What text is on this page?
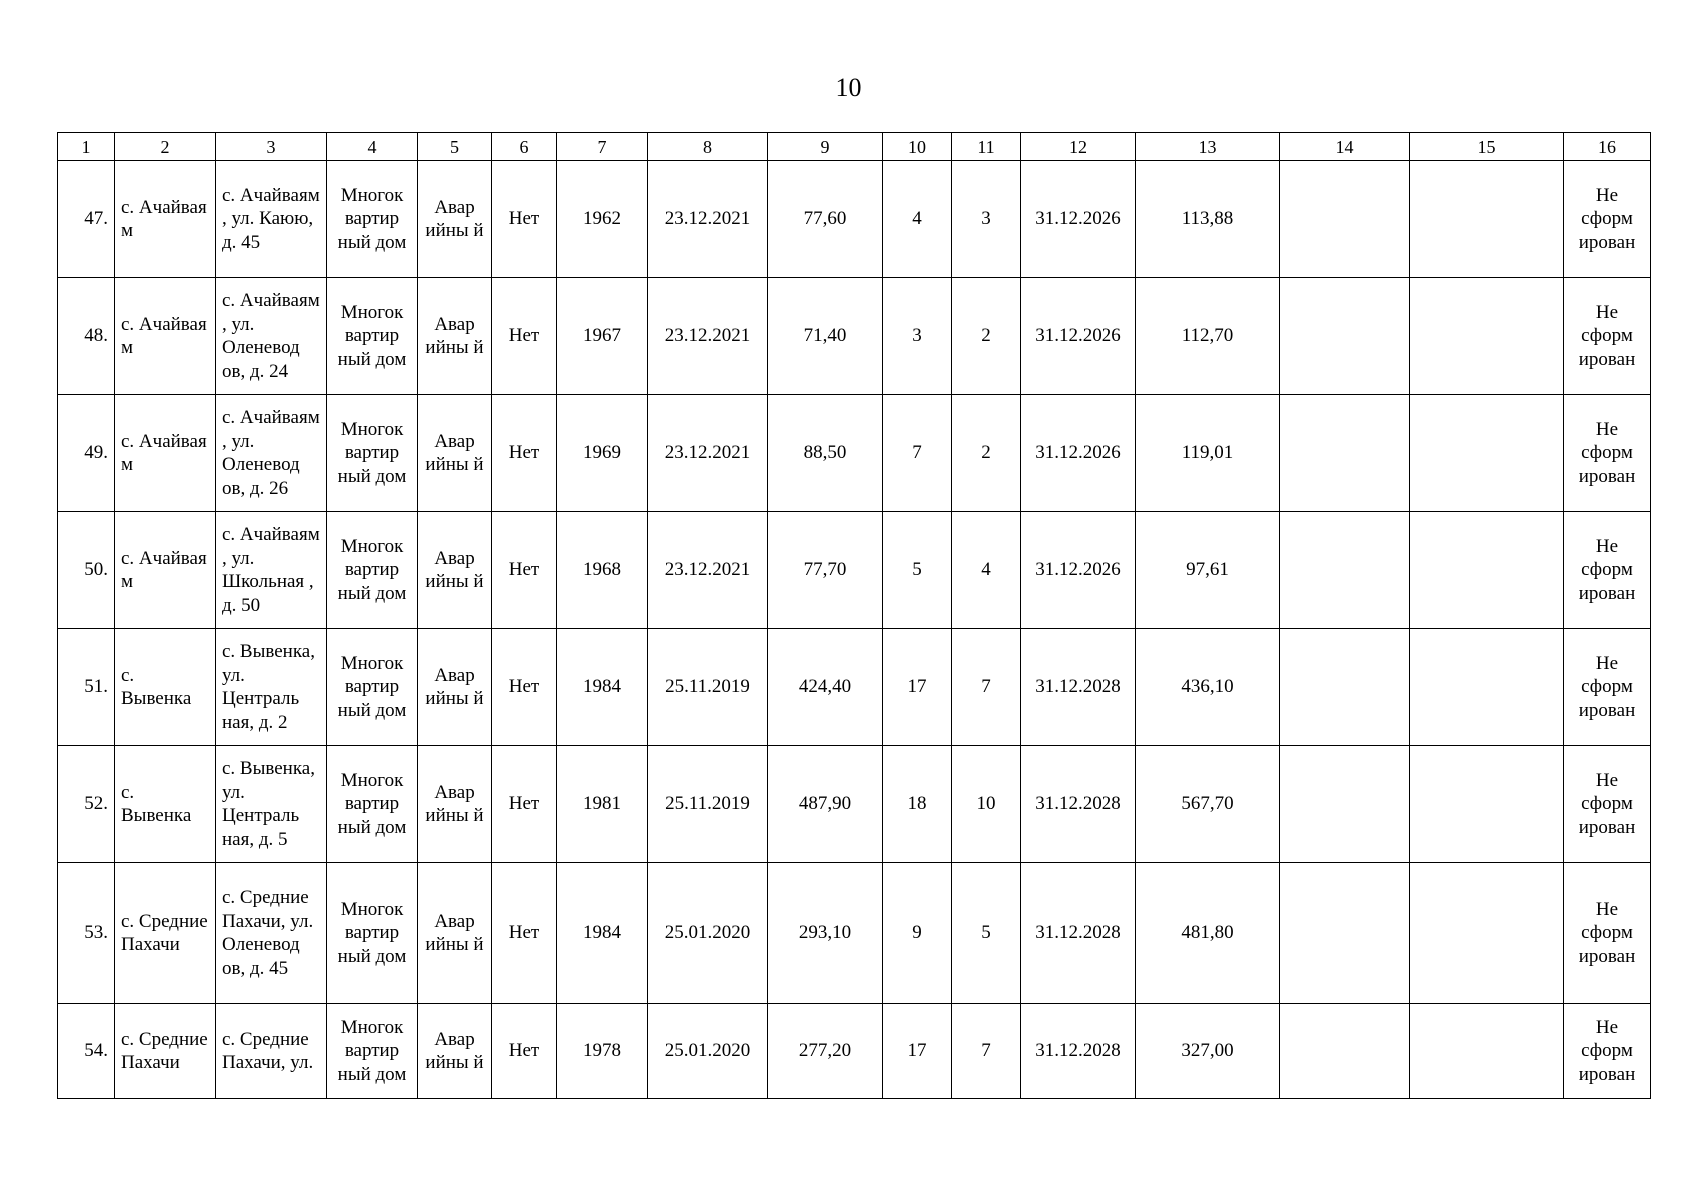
10
1	2	3	4	5	6	7	8	9	10	11	12	13	14	15	16

47.	с. Ачайвая м	с. Ачайваям , ул. Каюю, д. 45	Многок вартир ный дом	Авар ийны й	Нет	1962	23.12.2021	77,60	4	3	31.12.2026	113,88			Не сформ ирован

48.	с. Ачайвая м	с. Ачайваям , ул. Оленевод ов, д. 24	Многок вартир ный дом	Авар ийны й	Нет	1967	23.12.2021	71,40	3	2	31.12.2026	112,70			Не сформ ирован

49.	с. Ачайвая м	с. Ачайваям , ул. Оленевод ов, д. 26	Многок вартир ный дом	Авар ийны й	Нет	1969	23.12.2021	88,50	7	2	31.12.2026	119,01			Не сформ ирован

50.	с. Ачайвая м	с. Ачайваям , ул. Школьная , д. 50	Многок вартир ный дом	Авар ийны й	Нет	1968	23.12.2021	77,70	5	4	31.12.2026	97,61			Не сформ ирован

51.	с. Вывенка	с. Вывенка, ул. Централь ная, д. 2	Многок вартир ный дом	Авар ийны й	Нет	1984	25.11.2019	424,40	17	7	31.12.2028	436,10			Не сформ ирован

52.	с. Вывенка	с. Вывенка, ул. Централь ная, д. 5	Многок вартир ный дом	Авар ийны й	Нет	1981	25.11.2019	487,90	18	10	31.12.2028	567,70			Не сформ ирован

53.	с. Средние Пахачи	с. Средние Пахачи, ул. Оленевод ов, д. 45	Многок вартир ный дом	Авар ийны й	Нет	1984	25.01.2020	293,10	9	5	31.12.2028	481,80			Не сформ ирован

54.	с. Средние Пахачи	с. Средние Пахачи, ул.	Многок вартир ный дом	Авар ийны й	Нет	1978	25.01.2020	277,20	17	7	31.12.2028	327,00			Не сформ ирован
